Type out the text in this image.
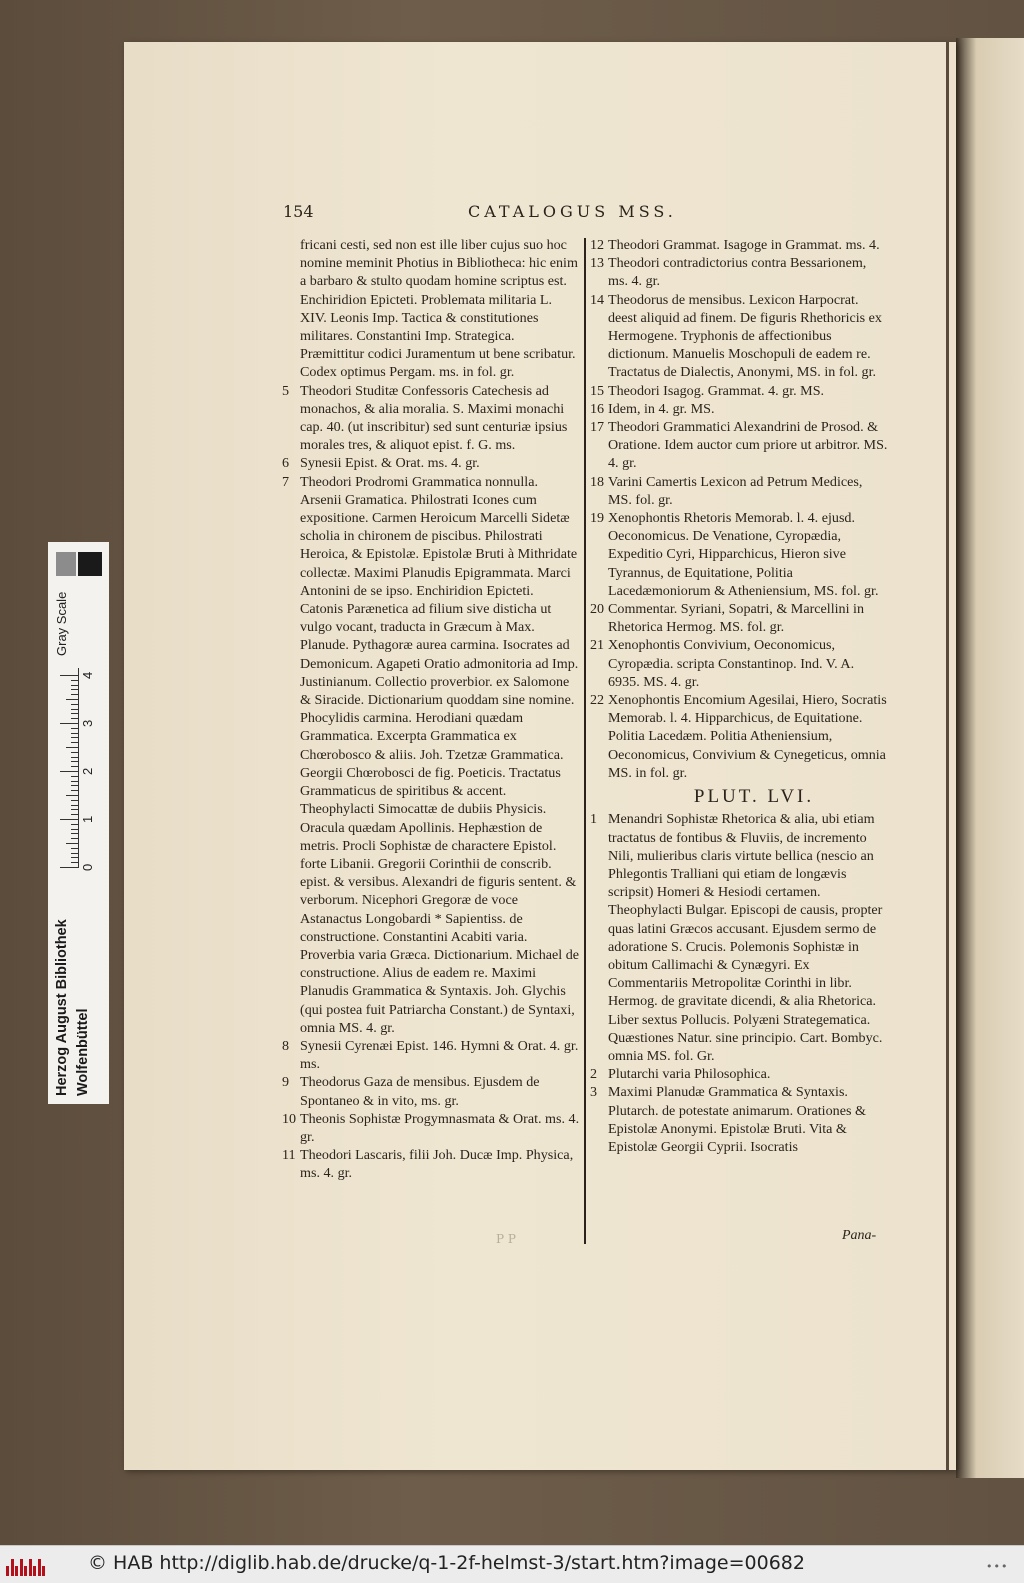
154	CATALOGUS MSS.
fricani cesti, sed non est ille liber cujus suo hoc nomine meminit Photius in Bibliotheca: hic enim a barbaro & stulto quodam homine scriptus est. Enchiridion Epicteti. Problemata militaria L. XIV. Leonis Imp. Tactica & constitutiones militares. Constantini Imp. Strategica. Præmittitur codici Juramentum ut bene scribatur. Codex optimus Pergam. ms. in fol. gr.
5 Theodori Studitæ Confessoris Catechesis ad monachos, & alia moralia. S. Maximi monachi cap. 40. (ut inscribitur) sed sunt centuriæ ipsius morales tres, & aliquot epist. f. G. ms.
6 Synesii Epist. & Orat. ms. 4. gr.
7 Theodori Prodromi Grammatica nonnulla. Arsenii Gramatica. Philostrati Icones cum expositione. Carmen Heroicum Marcelli Sidetæ scholia in chironem de piscibus. Philostrati Heroica, & Epistolæ. Epistolæ Bruti à Mithridate collectæ. Maximi Planudis Epigrammata. Marci Antonini de se ipso. Enchiridion Epicteti. Catonis Parænetica ad filium sive disticha ut vulgo vocant, traducta in Græcum à Max. Planude. Pythagoræ aurea carmina. Isocrates ad Demonicum. Agapeti Oratio admonitoria ad Imp. Justinianum. Collectio proverbior. ex Salomone & Siracide. Dictionarium quoddam sine nomine. Phocylidis carmina. Herodiani quædam Grammatica. Excerpta Grammatica ex Chœrobosco & aliis. Joh. Tzetzæ Grammatica. Georgii Chœrobosci de fig. Poeticis. Tractatus Grammaticus de spiritibus & accent. Theophylacti Simocattæ de dubiis Physicis. Oracula quædam Apollinis. Hephæstion de metris. Procli Sophistæ de charactere Epistol. forte Libanii. Gregorii Corinthii de conscrib. epist. & versibus. Alexandri de figuris sentent. & verborum. Nicephori Gregoræ de voce Astanactus Longobardi * Sapientiss. de constructione. Constantini Acabiti varia. Proverbia varia Græca. Dictionarium. Michael de constructione. Alius de eadem re. Maximi Planudis Grammatica & Syntaxis. Joh. Glychis (qui postea fuit Patriarcha Constant.) de Syntaxi, omnia MS. 4. gr.
8 Synesii Cyrenæi Epist. 146. Hymni & Orat. 4. gr. ms.
9 Theodorus Gaza de mensibus. Ejusdem de Spontaneo & in vito, ms. gr.
10 Theonis Sophistæ Progymnasmata & Orat. ms. 4. gr.
11 Theodori Lascaris, filii Joh. Ducæ Imp. Physica, ms. 4. gr.
12 Theodori Grammat. Isagoge in Grammat. ms. 4.
13 Theodori contradictorius contra Bessarionem, ms. 4. gr.
14 Theodorus de mensibus. Lexicon Harpocrat. deest aliquid ad finem. De figuris Rhethoricis ex Hermogene. Tryphonis de affectionibus dictionum. Manuelis Moschopuli de eadem re. Tractatus de Dialectis, Anonymi, MS. in fol. gr.
15 Theodori Isagog. Grammat. 4. gr. MS.
16 Idem, in 4. gr. MS.
17 Theodori Grammatici Alexandrini de Prosod. & Oratione. Idem auctor cum priore ut arbitror. MS. 4. gr.
18 Varini Camertis Lexicon ad Petrum Medices, MS. fol. gr.
19 Xenophontis Rhetoris Memorab. l. 4. ejusd. Oeconomicus. De Venatione, Cyropædia, Expeditio Cyri, Hipparchicus, Hieron sive Tyrannus, de Equitatione, Politia Lacedæmoniorum & Atheniensium, MS. fol. gr.
20 Commentar. Syriani, Sopatri, & Marcellini in Rhetorica Hermog. MS. fol. gr.
21 Xenophontis Convivium, Oeconomicus, Cyropædia. scripta Constantinop. Ind. V. A. 6935. MS. 4. gr.
22 Xenophontis Encomium Agesilai, Hiero, Socratis Memorab. l. 4. Hipparchicus, de Equitatione. Politia Lacedæm. Politia Atheniensium, Oeconomicus, Convivium & Cynegeticus, omnia MS. in fol. gr.
PLUT. LVI.
1 Menandri Sophistæ Rhetorica & alia, ubi etiam tractatus de fontibus & Fluviis, de incremento Nili, mulieribus claris virtute bellica (nescio an Phlegontis Tralliani qui etiam de longævis scripsit) Homeri & Hesiodi certamen. Theophylacti Bulgar. Episcopi de causis, propter quas latini Græcos accusant. Ejusdem sermo de adoratione S. Crucis. Polemonis Sophistæ in obitum Callimachi & Cynægyri. Ex Commentariis Metropolitæ Corinthi in libr. Hermog. de gravitate dicendi, & alia Rhetorica. Liber sextus Pollucis. Polyæni Strategematica. Quæstiones Natur. sine principio. Cart. Bombyc. omnia MS. fol. Gr.
2 Plutarchi varia Philosophica.
3 Maximi Planudæ Grammatica & Syntaxis. Plutarch. de potestate animarum. Orationes & Epistolæ Anonymi. Epistolæ Bruti. Vita & Epistolæ Georgii Cyprii. Isocratis
Pana-
P P
Herzog August Bibliothek Wolfenbüttel
0
1
2
3
4
Gray Scale
© HAB http://diglib.hab.de/drucke/q-1-2f-helmst-3/start.htm?image=00682	•••
